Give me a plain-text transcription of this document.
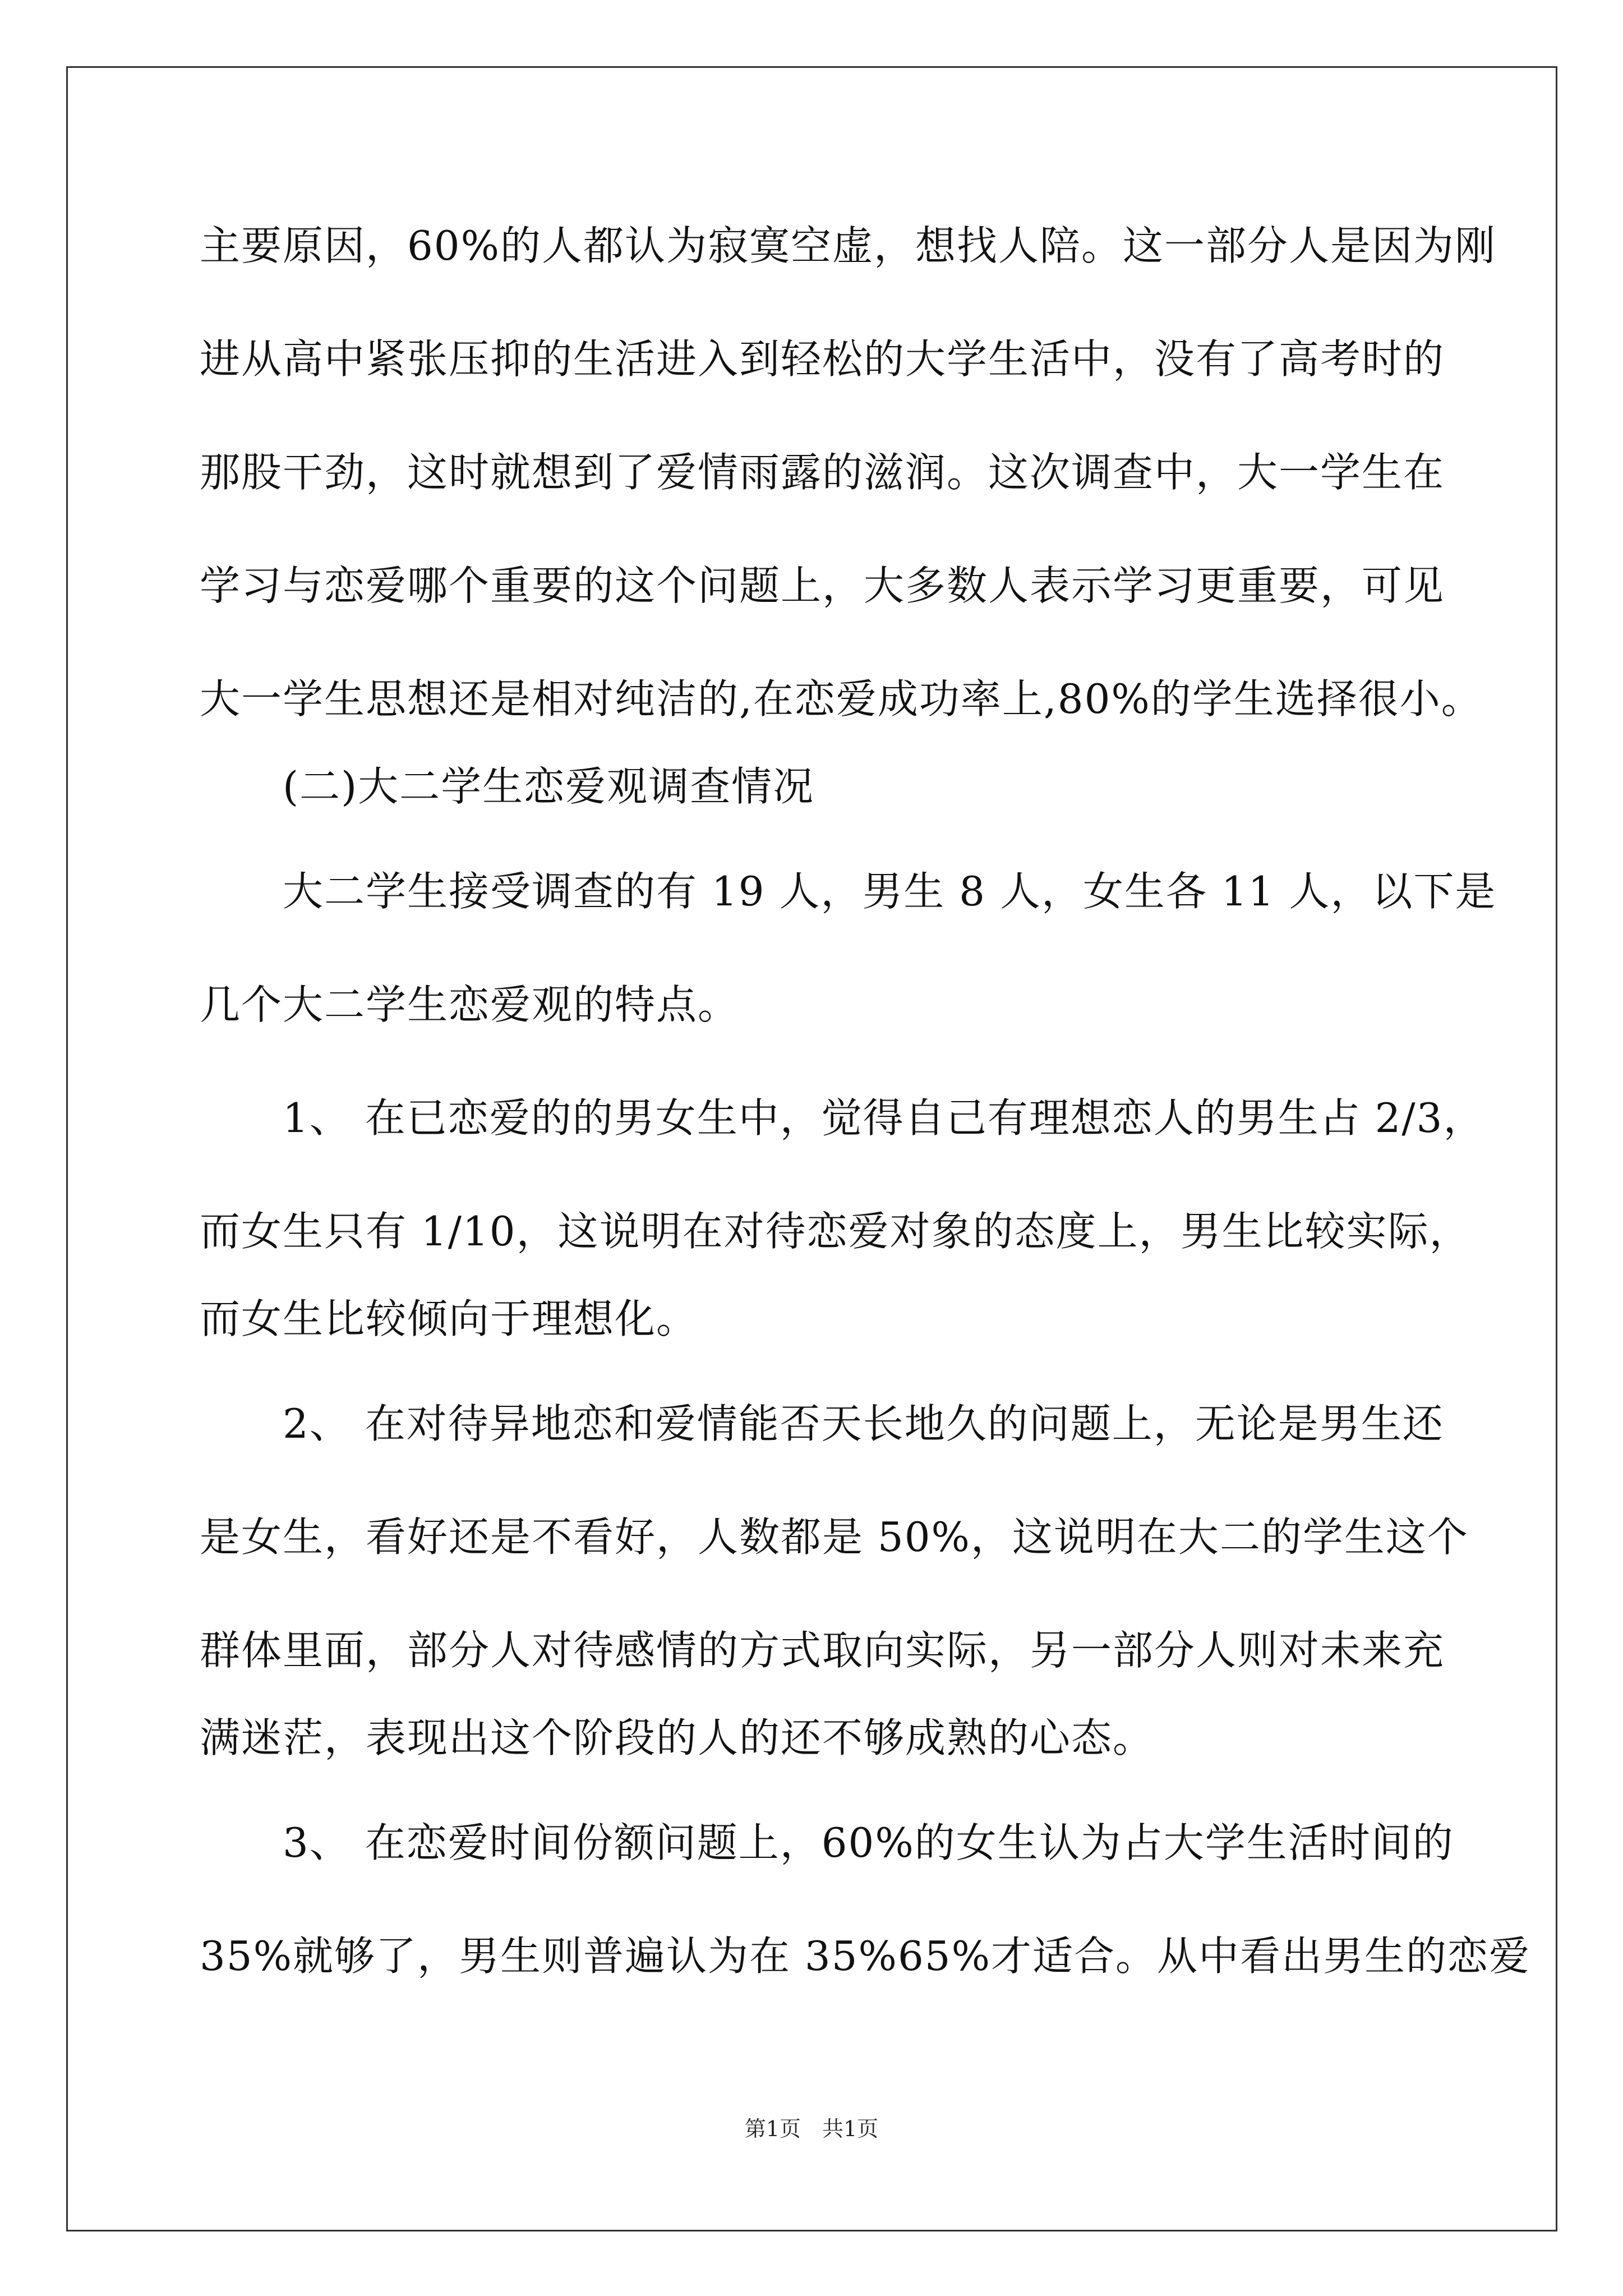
主要原因，60%的人都认为寂寞空虚，想找人陪。这一部分人是因为刚
进从高中紧张压抑的生活进入到轻松的大学生活中，没有了高考时的
那股干劲，这时就想到了爱情雨露的滋润。这次调查中，大一学生在
学习与恋爱哪个重要的这个问题上，大多数人表示学习更重要，可见
大一学生思想还是相对纯洁的,在恋爱成功率上,80%的学生选择很小。
(二)大二学生恋爱观调查情况
大二学生接受调查的有 19 人，男生 8 人，女生各 11 人，以下是
几个大二学生恋爱观的特点。
1、 在已恋爱的的男女生中，觉得自己有理想恋人的男生占 2/3，
而女生只有 1/10，这说明在对待恋爱对象的态度上，男生比较实际，
而女生比较倾向于理想化。
2、 在对待异地恋和爱情能否天长地久的问题上，无论是男生还
是女生，看好还是不看好，人数都是 50%，这说明在大二的学生这个
群体里面，部分人对待感情的方式取向实际，另一部分人则对未来充
满迷茫，表现出这个阶段的人的还不够成熟的心态。
3、 在恋爱时间份额问题上，60%的女生认为占大学生活时间的
35%就够了，男生则普遍认为在 35%65%才适合。从中看出男生的恋爱
第1页　共1页
